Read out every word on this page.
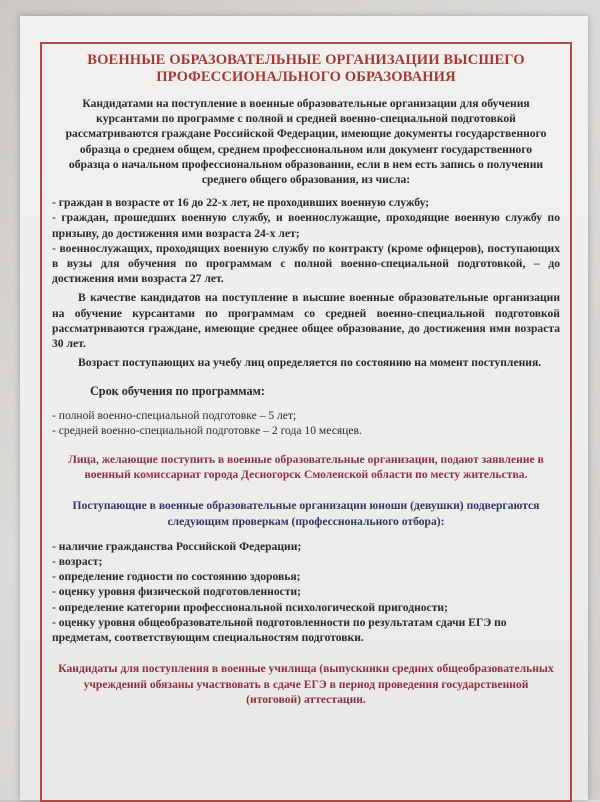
ВОЕННЫЕ ОБРАЗОВАТЕЛЬНЫЕ ОРГАНИЗАЦИИ ВЫСШЕГО ПРОФЕССИОНАЛЬНОГО ОБРАЗОВАНИЯ
Кандидатами на поступление в военные образовательные организации для обучения курсантами по программе с полной и средней военно-специальной подготовкой рассматриваются граждане Российской Федерации, имеющие документы государственного образца о среднем общем, среднем профессиональном или документ государственного образца о начальном профессиональном образовании, если в нем есть запись о получении среднего общего образования, из числа:
- граждан в возрасте от 16 до 22-х лет, не проходивших военную службу;
- граждан, прошедших военную службу, и военнослужащие, проходящие военную службу по призыву, до достижения ими возраста 24-х лет;
- военнослужащих, проходящих военную службу по контракту (кроме офицеров), поступающих в вузы для обучения по программам с полной военно-специальной подготовкой, – до достижения ими возраста 27 лет.

В качестве кандидатов на поступление в высшие военные образовательные организации на обучение курсантами по программам со средней военно-специальной подготовкой рассматриваются граждане, имеющие среднее общее образование, до достижения ими возраста 30 лет.

Возраст поступающих на учебу лиц определяется по состоянию на момент поступления.

Срок обучения по программам:
- полной военно-специальной подготовке – 5 лет;
- средней военно-специальной подготовке – 2 года 10 месяцев.
Лица, желающие поступить в военные образовательные организации, подают заявление в военный комиссариат города Десногорск Смоленской области по месту жительства.
Поступающие в военные образовательные организации юноши (девушки) подвергаются следующим проверкам (профессионального отбора):
- наличие гражданства Российской Федерации;
- возраст;
- определение годности по состоянию здоровья;
- оценку уровня физической подготовленности;
- определение категории профессиональной психологической пригодности;
- оценку уровня общеобразовательной подготовленности по результатам сдачи ЕГЭ по предметам, соответствующим специальностям подготовки.
Кандидаты для поступления в военные училища (выпускники средних общеобразовательных учреждений обязаны участвовать в сдаче ЕГЭ в период проведения государственной (итоговой) аттестации.
